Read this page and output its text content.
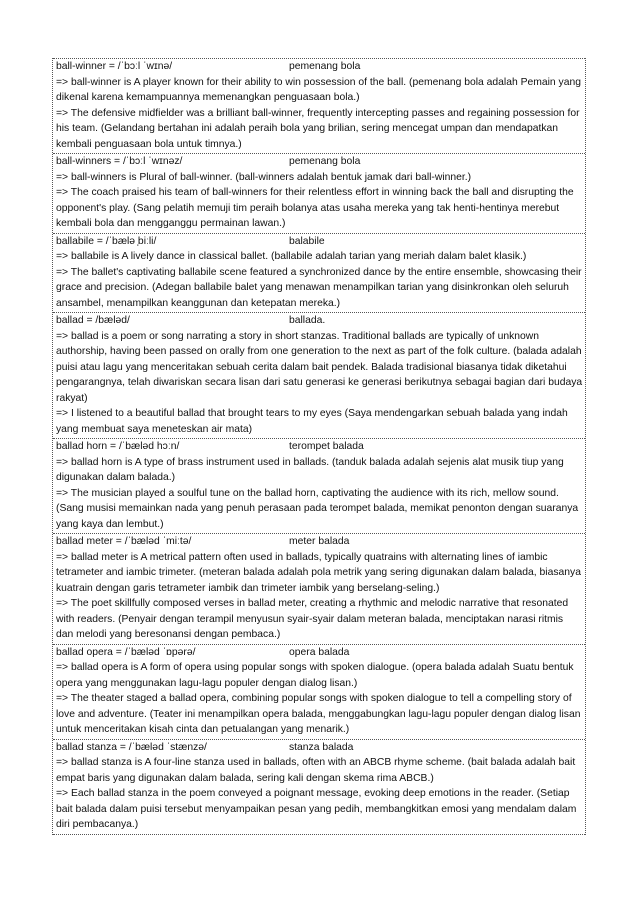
ball-winner = /ˈbɔːl ˈwɪnə/	pemenang bola
=> ball-winner is A player known for their ability to win possession of the ball. (pemenang bola adalah Pemain yang dikenal karena kemampuannya memenangkan penguasaan bola.)
=> The defensive midfielder was a brilliant ball-winner, frequently intercepting passes and regaining possession for his team. (Gelandang bertahan ini adalah peraih bola yang brilian, sering mencegat umpan dan mendapatkan kembali penguasaan bola untuk timnya.)
ball-winners = /ˈbɔːl ˈwɪnəz/	pemenang bola
=> ball-winners is Plural of ball-winner. (ball-winners adalah bentuk jamak dari ball-winner.)
=> The coach praised his team of ball-winners for their relentless effort in winning back the ball and disrupting the opponent's play. (Sang pelatih memuji tim peraih bolanya atas usaha mereka yang tak henti-hentinya merebut kembali bola dan mengganggu permainan lawan.)
ballabile = /ˈbælə ̩biːli/	balabile
=> ballabile is A lively dance in classical ballet. (ballabile adalah tarian yang meriah dalam balet klasik.)
=> The ballet's captivating ballabile scene featured a synchronized dance by the entire ensemble, showcasing their grace and precision. (Adegan ballabile balet yang menawan menampilkan tarian yang disinkronkan oleh seluruh ansambel, menampilkan keanggunan dan ketepatan mereka.)
ballad = /bæləd/	ballada.
=> ballad is a poem or song narrating a story in short stanzas. Traditional ballads are typically of unknown authorship, having been passed on orally from one generation to the next as part of the folk culture. (balada adalah puisi atau lagu yang menceritakan sebuah cerita dalam bait pendek. Balada tradisional biasanya tidak diketahui pengarangnya, telah diwariskan secara lisan dari satu generasi ke generasi berikutnya sebagai bagian dari budaya rakyat)
=> I listened to a beautiful ballad that brought tears to my eyes (Saya mendengarkan sebuah balada yang indah yang membuat saya meneteskan air mata)
ballad horn = /ˈbæləd hɔːn/	terompet balada
=> ballad horn is A type of brass instrument used in ballads. (tanduk balada adalah sejenis alat musik tiup yang digunakan dalam balada.)
=> The musician played a soulful tune on the ballad horn, captivating the audience with its rich, mellow sound. (Sang musisi memainkan nada yang penuh perasaan pada terompet balada, memikat penonton dengan suaranya yang kaya dan lembut.)
ballad meter = /ˈbæləd ˈmiːtə/	meter balada
=> ballad meter is A metrical pattern often used in ballads, typically quatrains with alternating lines of iambic tetrameter and iambic trimeter. (meteran balada adalah pola metrik yang sering digunakan dalam balada, biasanya kuatrain dengan garis tetrameter iambik dan trimeter iambik yang berselang-seling.)
=> The poet skillfully composed verses in ballad meter, creating a rhythmic and melodic narrative that resonated with readers. (Penyair dengan terampil menyusun syair-syair dalam meteran balada, menciptakan narasi ritmis dan melodi yang beresonansi dengan pembaca.)
ballad opera = /ˈbæləd ˈɒpərə/	opera balada
=> ballad opera is A form of opera using popular songs with spoken dialogue. (opera balada adalah Suatu bentuk opera yang menggunakan lagu-lagu populer dengan dialog lisan.)
=> The theater staged a ballad opera, combining popular songs with spoken dialogue to tell a compelling story of love and adventure. (Teater ini menampilkan opera balada, menggabungkan lagu-lagu populer dengan dialog lisan untuk menceritakan kisah cinta dan petualangan yang menarik.)
ballad stanza = /ˈbæləd ˈstænzə/	stanza balada
=> ballad stanza is A four-line stanza used in ballads, often with an ABCB rhyme scheme. (bait balada adalah bait empat baris yang digunakan dalam balada, sering kali dengan skema rima ABCB.)
=> Each ballad stanza in the poem conveyed a poignant message, evoking deep emotions in the reader. (Setiap bait balada dalam puisi tersebut menyampaikan pesan yang pedih, membangkitkan emosi yang mendalam dalam diri pembacanya.)
